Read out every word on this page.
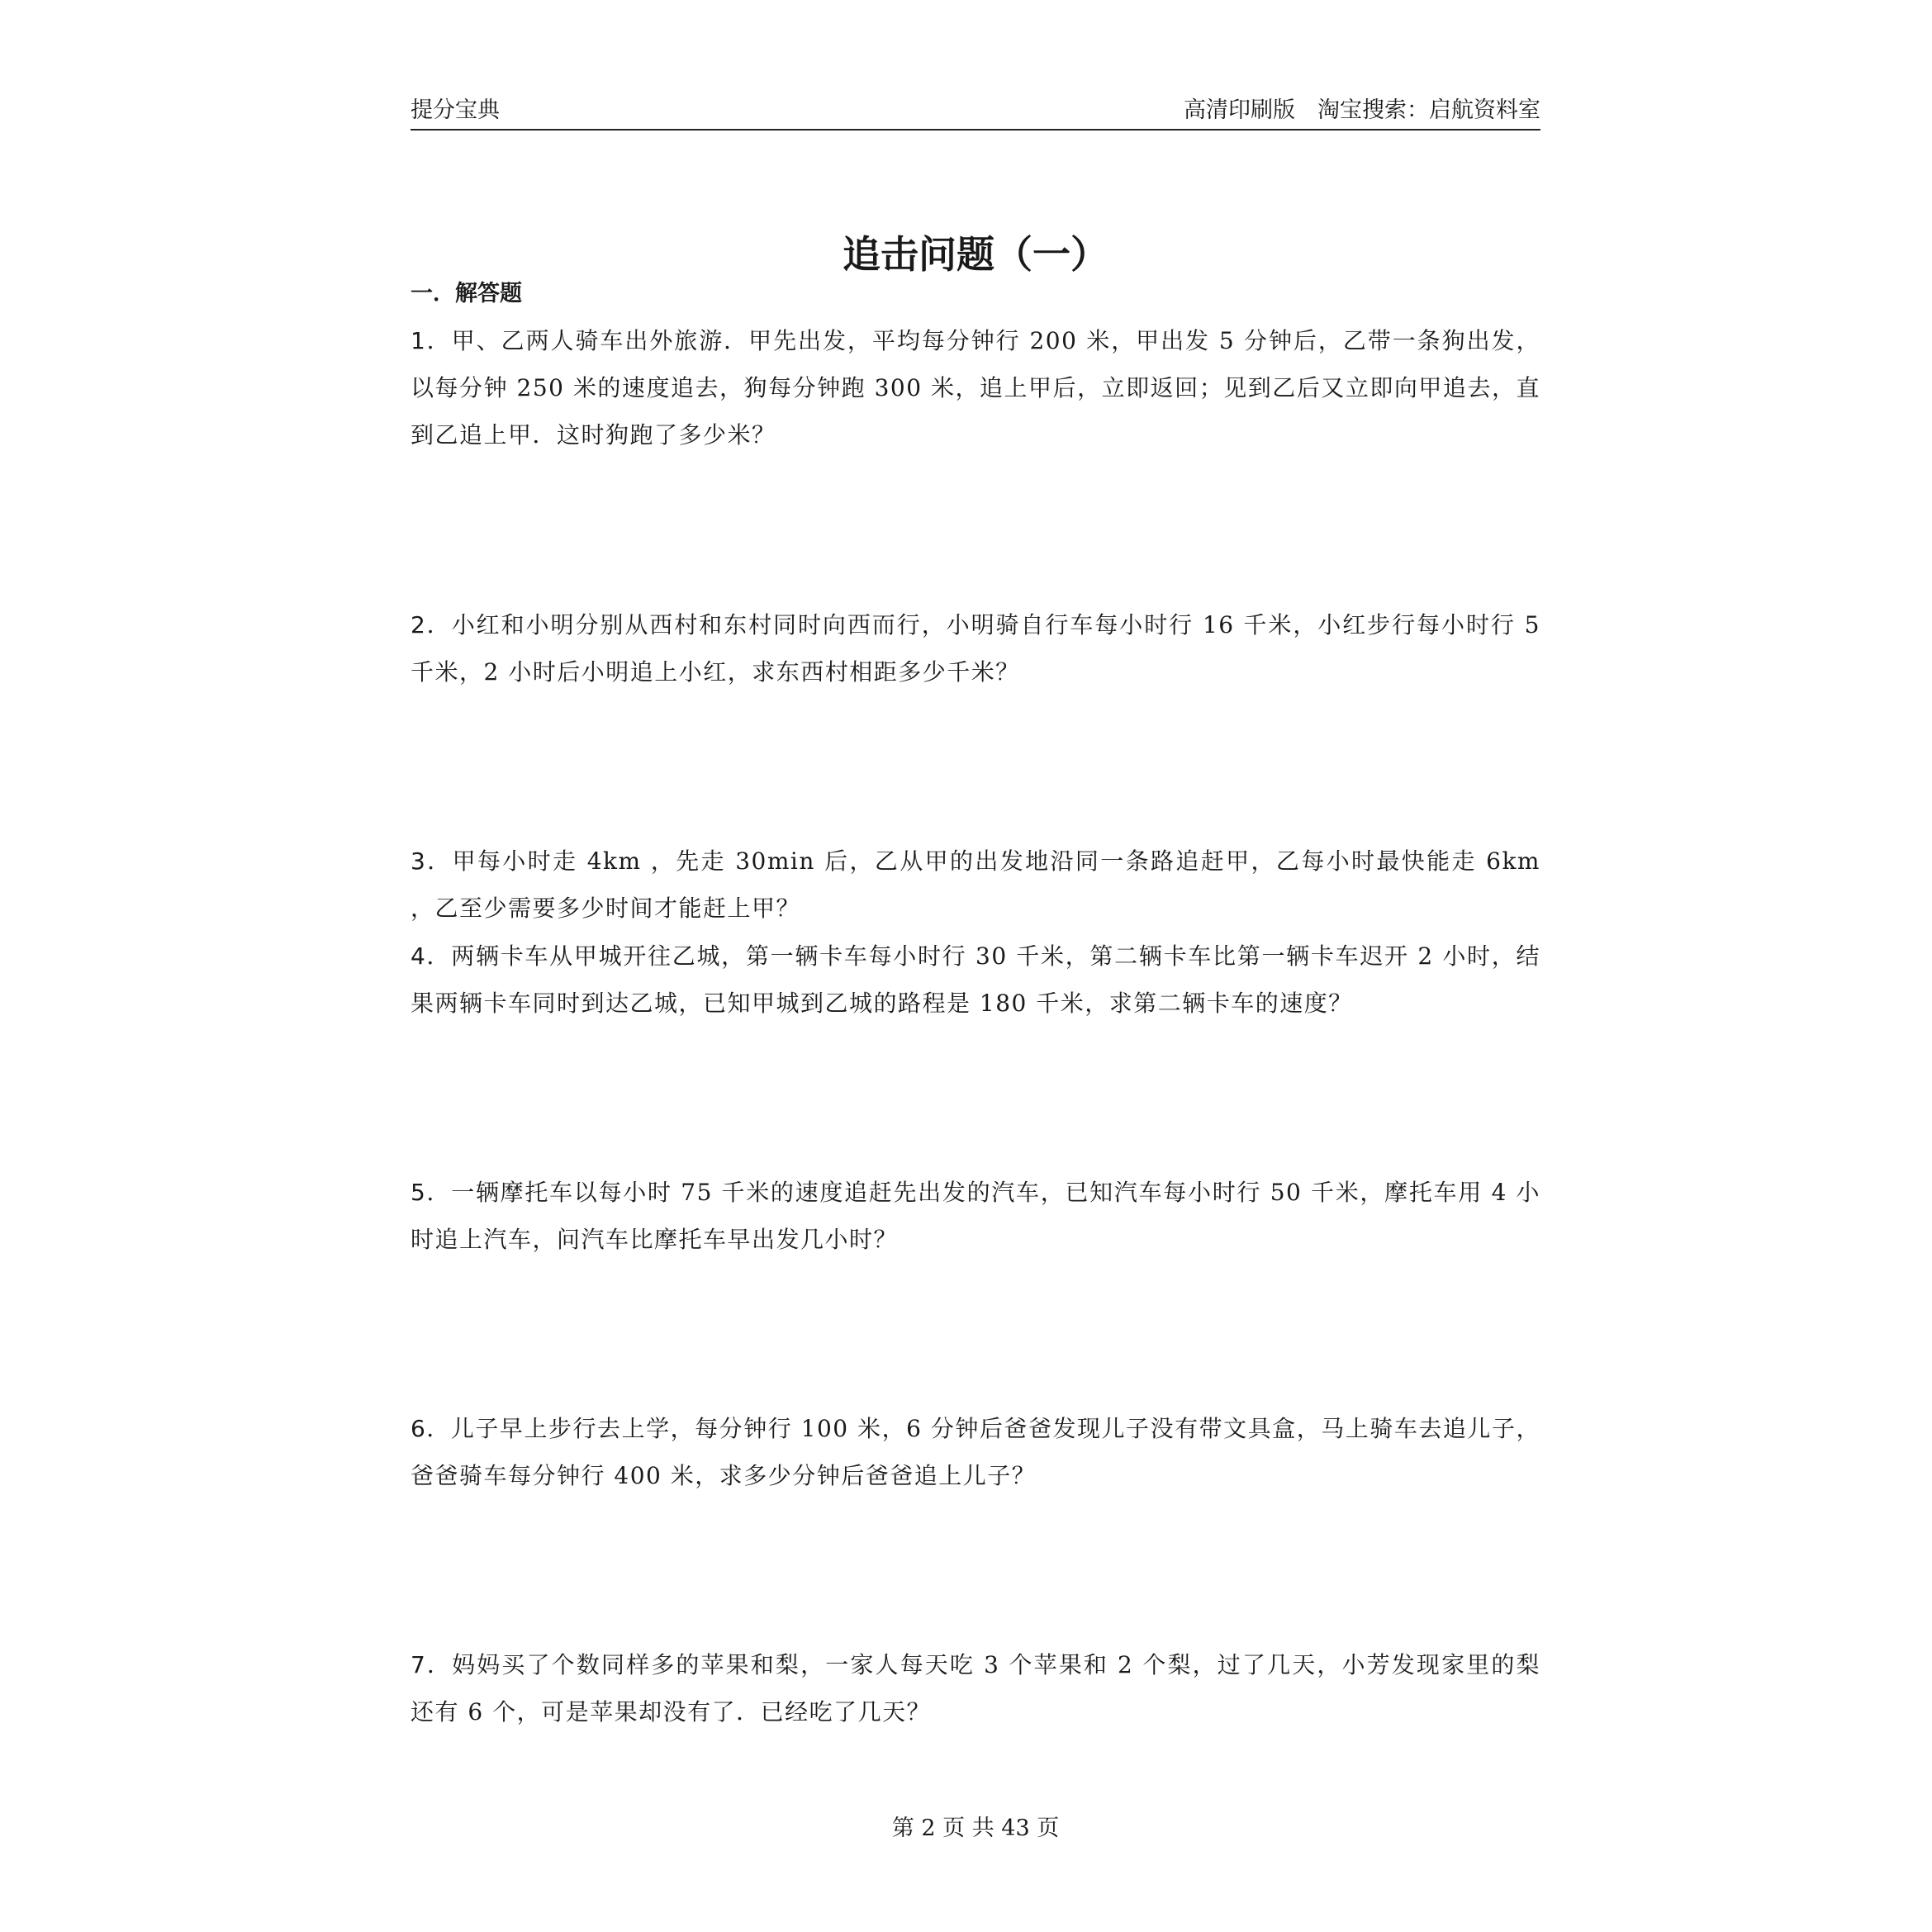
提分宝典	高清印刷版　淘宝搜索：启航资料室
追击问题（一）
一．解答题
1．甲、乙两人骑车出外旅游．甲先出发，平均每分钟行 200 米，甲出发 5 分钟后，乙带一条狗出发，以每分钟 250 米的速度追去，狗每分钟跑 300 米，追上甲后，立即返回；见到乙后又立即向甲追去，直到乙追上甲．这时狗跑了多少米？
2．小红和小明分别从西村和东村同时向西而行，小明骑自行车每小时行 16 千米，小红步行每小时行 5 千米，2 小时后小明追上小红，求东西村相距多少千米？
3．甲每小时走 4km ，先走 30min 后，乙从甲的出发地沿同一条路追赶甲，乙每小时最快能走 6km ，乙至少需要多少时间才能赶上甲？
4．两辆卡车从甲城开往乙城，第一辆卡车每小时行 30 千米，第二辆卡车比第一辆卡车迟开 2 小时，结果两辆卡车同时到达乙城，已知甲城到乙城的路程是 180 千米，求第二辆卡车的速度？
5．一辆摩托车以每小时 75 千米的速度追赶先出发的汽车，已知汽车每小时行 50 千米，摩托车用 4 小时追上汽车，问汽车比摩托车早出发几小时？
6．儿子早上步行去上学，每分钟行 100 米，6 分钟后爸爸发现儿子没有带文具盒，马上骑车去追儿子，爸爸骑车每分钟行 400 米，求多少分钟后爸爸追上儿子？
7．妈妈买了个数同样多的苹果和梨，一家人每天吃 3 个苹果和 2 个梨，过了几天，小芳发现家里的梨还有 6 个，可是苹果却没有了．已经吃了几天？
第 2 页 共 43 页
